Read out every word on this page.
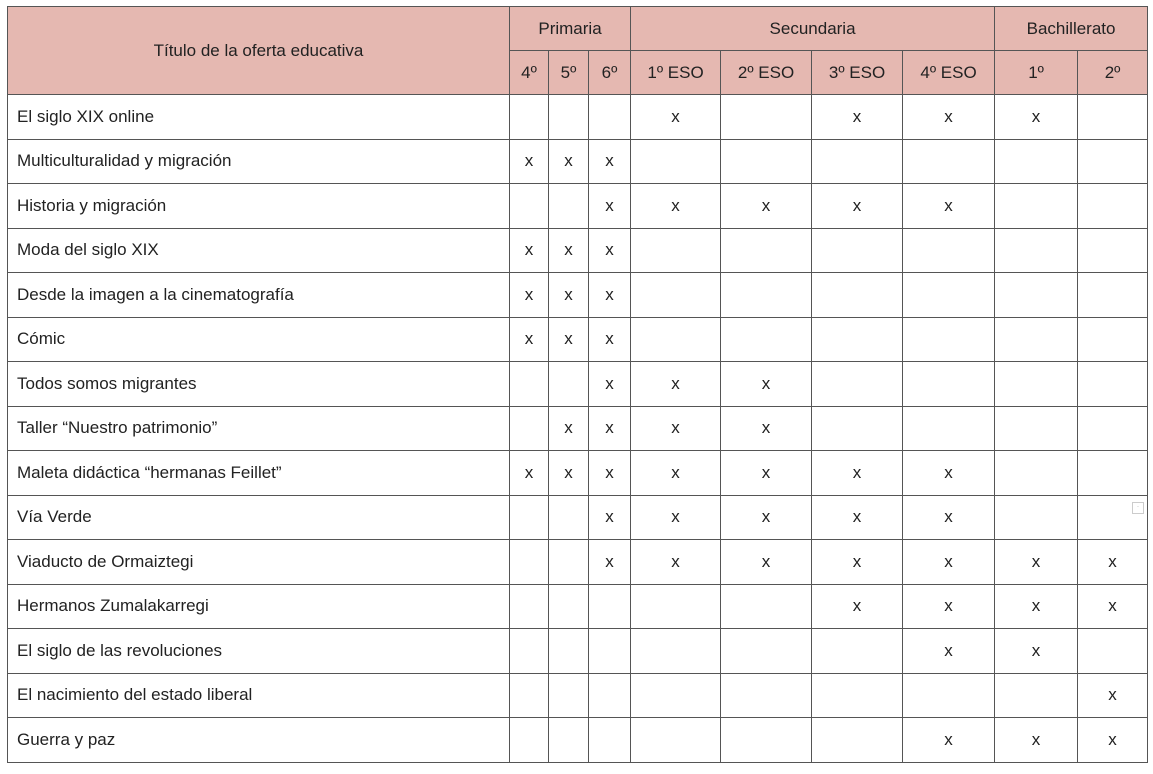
Título de la oferta educativa	Primaria			Secundaria				Bachillerato	
	4º	5º	6º	1º ESO	2º ESO	3º ESO	4º ESO	1º	2º
El siglo XIX online				x		x	x	x	
Multiculturalidad y migración	x	x	x						
Historia y migración			x	x	x	x	x		
Moda del siglo XIX	x	x	x						
Desde la imagen a la cinematografía	x	x	x						
Cómic	x	x	x						
Todos somos migrantes			x	x	x				
Taller “Nuestro patrimonio”		x	x	x	x				
Maleta didáctica “hermanas Feillet”	x	x	x	x	x	x	x		
Vía Verde			x	x	x	x	x		
Viaducto de Ormaiztegi			x	x	x	x	x	x	x
Hermanos Zumalakarregi						x	x	x	x
El siglo de las revoluciones							x	x	
El nacimiento del estado liberal									x
Guerra y paz							x	x	x
⋅
